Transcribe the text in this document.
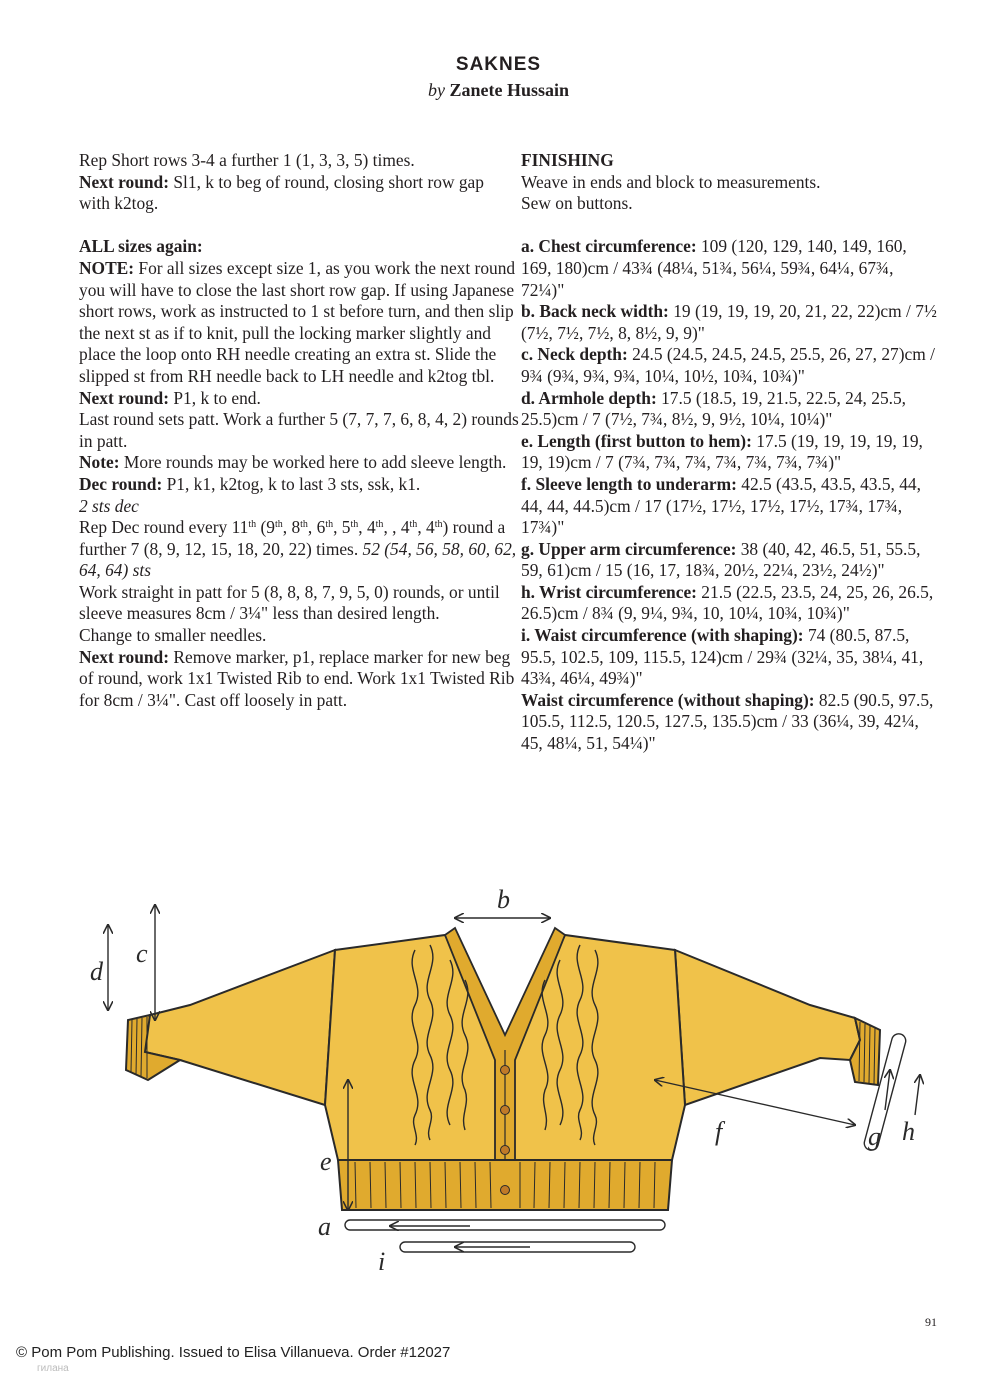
SAKNES
by Zanete Hussain

Rep Short rows 3-4 a further 1 (1, 3, 3, 5) times.

Next round: Sl1, k to beg of round, closing short row gap with k2tog.

ALL sizes again:

NOTE: For all sizes except size 1, as you work the next round you will have to close the last short row gap. If using Japanese short rows, work as instructed to 1 st before turn, and then slip the next st as if to knit, pull the locking marker slightly and place the loop onto RH needle creating an extra st. Slide the slipped st from RH needle back to LH needle and k2tog tbl.

Next round: P1, k to end.

Last round sets patt. Work a further 5 (7, 7, 7, 6, 8, 4, 2) rounds in patt.

Note: More rounds may be worked here to add sleeve length.

Dec round: P1, k1, k2tog, k to last 3 sts, ssk, k1.

2 sts dec

Rep Dec round every 11th (9th, 8th, 6th, 5th, 4th, , 4th, 4th) round a further 7 (8, 9, 12, 15, 18, 20, 22) times. 52 (54, 56, 58, 60, 62, 64, 64) sts

Work straight in patt for 5 (8, 8, 8, 7, 9, 5, 0) rounds, or until sleeve measures 8cm / 3¼" less than desired length.

Change to smaller needles.

Next round: Remove marker, p1, replace marker for new beg of round, work 1x1 Twisted Rib to end. Work 1x1 Twisted Rib for 8cm / 3¼". Cast off loosely in patt.

FINISHING

Weave in ends and block to measurements.

Sew on buttons.

a. Chest circumference: 109 (120, 129, 140, 149, 160, 169, 180)cm / 43¾ (48¼, 51¾, 56¼, 59¾, 64¼, 67¾, 72¼)"

b. Back neck width: 19 (19, 19, 19, 20, 21, 22, 22)cm / 7½ (7½, 7½, 7½, 8, 8½, 9, 9)"

c. Neck depth: 24.5 (24.5, 24.5, 24.5, 25.5, 26, 27, 27)cm / 9¾ (9¾, 9¾, 9¾, 10¼, 10½, 10¾, 10¾)"

d. Armhole depth: 17.5 (18.5, 19, 21.5, 22.5, 24, 25.5, 25.5)cm / 7 (7½, 7¾, 8½, 9, 9½, 10¼, 10¼)"

e. Length (first button to hem): 17.5 (19, 19, 19, 19, 19, 19, 19)cm / 7 (7¾, 7¾, 7¾, 7¾, 7¾, 7¾, 7¾)"

f. Sleeve length to underarm: 42.5 (43.5, 43.5, 43.5, 44, 44, 44, 44.5)cm / 17 (17½, 17½, 17½, 17½, 17¾, 17¾, 17¾)"

g. Upper arm circumference: 38 (40, 42, 46.5, 51, 55.5, 59, 61)cm / 15 (16, 17, 18¾, 20½, 22¼, 23½, 24½)"

h. Wrist circumference: 21.5 (22.5, 23.5, 24, 25, 26, 26.5, 26.5)cm / 8¾ (9, 9¼, 9¾, 10, 10¼, 10¾, 10¾)"

i. Waist circumference (with shaping): 74 (80.5, 87.5, 95.5, 102.5, 109, 115.5, 124)cm / 29¾ (32¼, 35, 38¼, 41, 43¾, 46¼, 49¾)"

Waist circumference (without shaping): 82.5 (90.5, 97.5, 105.5, 112.5, 120.5, 127.5, 135.5)cm / 33 (36¼, 39, 42¼, 45, 48¼, 51, 54¼)"

b
c
d
e
f	g h
a
i
91
© Pom Pom Publishing. Issued to Elisa Villanueva. Order #12027
гилана
